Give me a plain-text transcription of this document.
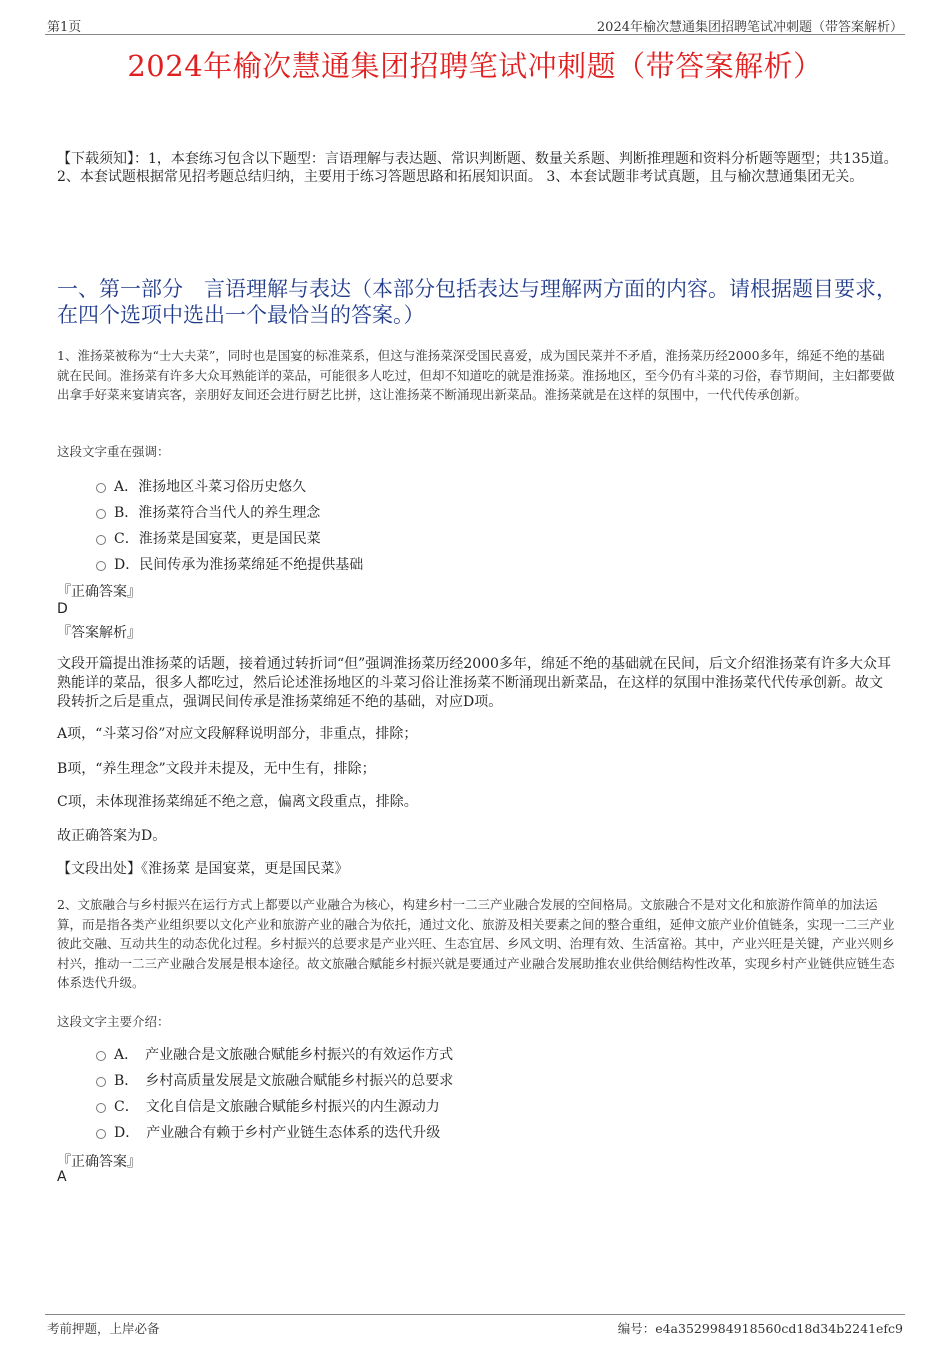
第1页	2024年榆次慧通集团招聘笔试冲刺题（带答案解析）
2024年榆次慧通集团招聘笔试冲刺题（带答案解析）
【下载须知】：1，本套练习包含以下题型：言语理解与表达题、常识判断题、数量关系题、判断推理题和资料分析题等题型；共135道。 2、本套试题根据常见招考题总结归纳，主要用于练习答题思路和拓展知识面。 3、本套试题非考试真题，且与榆次慧通集团无关。
一、第一部分　言语理解与表达（本部分包括表达与理解两方面的内容。请根据题目要求，在四个选项中选出一个最恰当的答案。）
1、淮扬菜被称为“士大夫菜”，同时也是国宴的标准菜系，但这与淮扬菜深受国民喜爱，成为国民菜并不矛盾，淮扬菜历经2000多年，绵延不绝的基础就在民间。淮扬菜有许多大众耳熟能详的菜品，可能很多人吃过，但却不知道吃的就是淮扬菜。淮扬地区，至今仍有斗菜的习俗，春节期间，主妇都要做出拿手好菜来宴请宾客，亲朋好友间还会进行厨艺比拼，这让淮扬菜不断涌现出新菜品。淮扬菜就是在这样的氛围中，一代代传承创新。
这段文字重在强调：
A．淮扬地区斗菜习俗历史悠久
B．淮扬菜符合当代人的养生理念
C．淮扬菜是国宴菜，更是国民菜
D．民间传承为淮扬菜绵延不绝提供基础
『正确答案』
D
『答案解析』
文段开篇提出淮扬菜的话题，接着通过转折词“但”强调淮扬菜历经2000多年，绵延不绝的基础就在民间，后文介绍淮扬菜有许多大众耳熟能详的菜品，很多人都吃过，然后论述淮扬地区的斗菜习俗让淮扬菜不断涌现出新菜品，在这样的氛围中淮扬菜代代传承创新。故文段转折之后是重点，强调民间传承是淮扬菜绵延不绝的基础，对应D项。
A项，“斗菜习俗”对应文段解释说明部分，非重点，排除；
B项，“养生理念”文段并未提及，无中生有，排除；
C项，未体现淮扬菜绵延不绝之意，偏离文段重点，排除。
故正确答案为D。
【文段出处】《淮扬菜 是国宴菜，更是国民菜》
2、文旅融合与乡村振兴在运行方式上都要以产业融合为核心，构建乡村一二三产业融合发展的空间格局。文旅融合不是对文化和旅游作简单的加法运算，而是指各类产业组织要以文化产业和旅游产业的融合为依托，通过文化、旅游及相关要素之间的整合重组，延伸文旅产业价值链条，实现一二三产业彼此交融、互动共生的动态优化过程。乡村振兴的总要求是产业兴旺、生态宜居、乡风文明、治理有效、生活富裕。其中，产业兴旺是关键，产业兴则乡村兴，推动一二三产业融合发展是根本途径。故文旅融合赋能乡村振兴就是要通过产业融合发展助推农业供给侧结构性改革，实现乡村产业链供应链生态体系迭代升级。
这段文字主要介绍：
A．　产业融合是文旅融合赋能乡村振兴的有效运作方式
B．　乡村高质量发展是文旅融合赋能乡村振兴的总要求
C．　文化自信是文旅融合赋能乡村振兴的内生源动力
D．　产业融合有赖于乡村产业链生态体系的迭代升级
『正确答案』
A
考前押题，上岸必备	编号：e4a3529984918560cd18d34b2241efc9
